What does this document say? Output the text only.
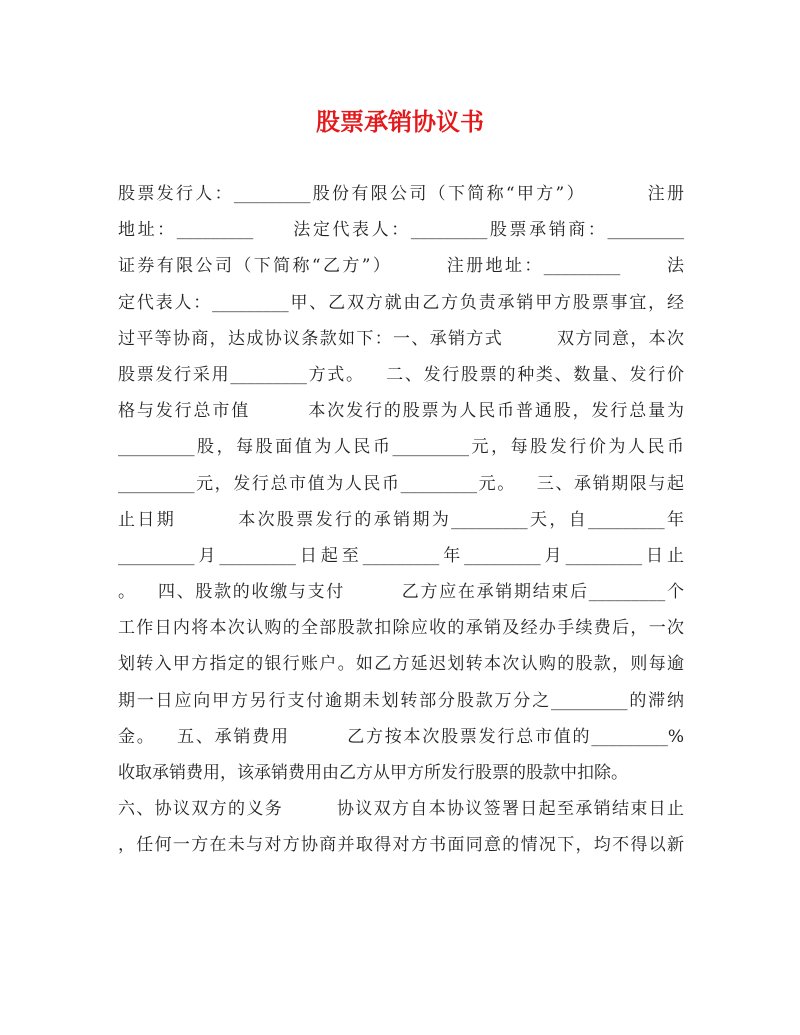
股票承销协议书
股票发行人：_________股份有限公司（下简称“甲方”）        注册
地址：_________     法定代表人：_________股票承销商：_________
证券有限公司（下简称“乙方”）       注册地址：_________      法
定代表人：_________甲、乙双方就由乙方负责承销甲方股票事宜，经
过平等协商，达成协议条款如下：一、承销方式        双方同意，本次
股票发行采用_________方式。   二、发行股票的种类、数量、发行价
格与发行总市值        本次发行的股票为人民币普通股，发行总量为
_________股，每股面值为人民币_________元，每股发行价为人民币
_________元，发行总市值为人民币_________元。   三、承销期限与起
止日期        本次股票发行的承销期为_________天，自_________年
_________月_________日起至_________年_________月_________日止
。   四、股款的收缴与支付        乙方应在承销期结束后_________个
工作日内将本次认购的全部股款扣除应收的承销及经办手续费后，一次
划转入甲方指定的银行账户。如乙方延迟划转本次认购的股款，则每逾
期一日应向甲方另行支付逾期未划转部分股款万分之_________的滞纳
金。   五、承销费用        乙方按本次股票发行总市值的_________%
收取承销费用，该承销费用由乙方从甲方所发行股票的股款中扣除。
六、协议双方的义务        协议双方自本协议签署日起至承销结束日止
，任何一方在未与对方协商并取得对方书面同意的情况下，均不得以新
